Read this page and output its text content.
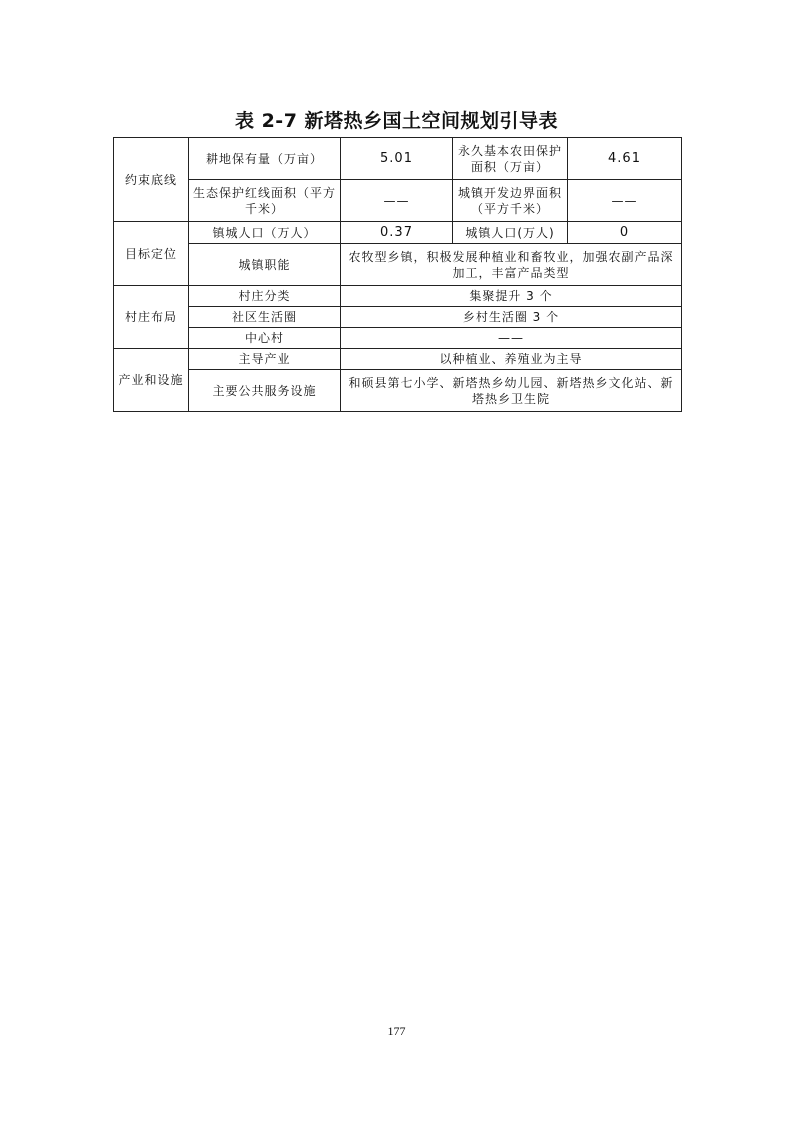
表 2-7 新塔热乡国土空间规划引导表
约束底线	耕地保有量（万亩）	5.01	永久基本农田保护面积（万亩）	4.61
	生态保护红线面积（平方千米）	——	城镇开发边界面积（平方千米）	——
目标定位	镇城人口（万人）	0.37	城镇人口(万人)	0
	城镇职能	农牧型乡镇，积极发展种植业和畜牧业，加强农副产品深加工，丰富产品类型		
村庄布局	村庄分类	集聚提升 3 个		
	社区生活圈	乡村生活圈 3 个		
	中心村	——		
产业和设施	主导产业	以种植业、养殖业为主导		
	主要公共服务设施	和硕县第七小学、新塔热乡幼儿园、新塔热乡文化站、新塔热乡卫生院		
177
